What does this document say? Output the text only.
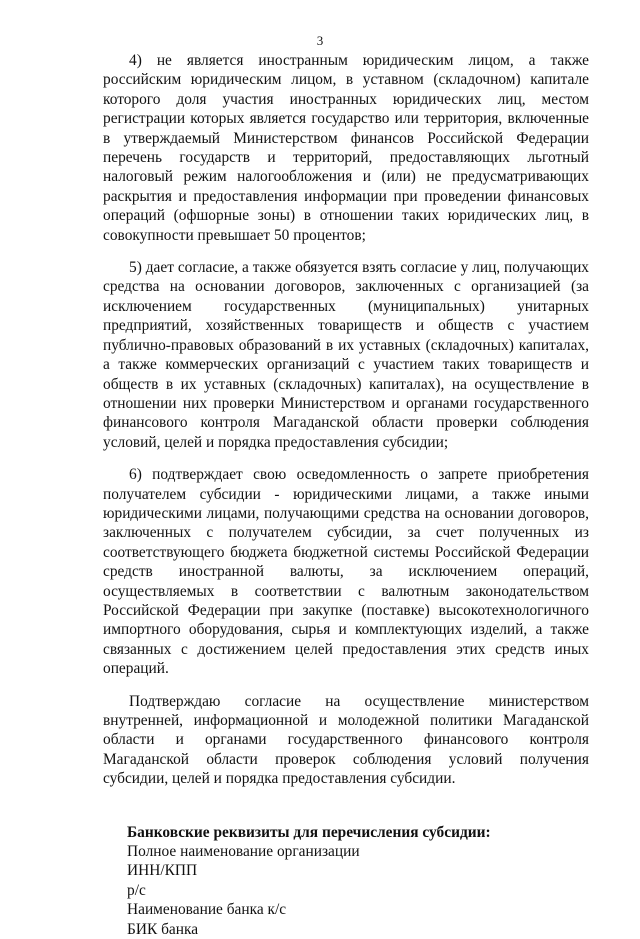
3

4) не является иностранным юридическим лицом, а также российским юридическим лицом, в уставном (складочном) капитале которого доля участия иностранных юридических лиц, местом регистрации которых является государство или территория, включенные в утверждаемый Министерством финансов Российской Федерации перечень государств и территорий, предоставляющих льготный налоговый режим налогообложения и (или) не предусматривающих раскрытия и предоставления информации при проведении финансовых операций (офшорные зоны) в отношении таких юридических лиц, в совокупности превышает 50 процентов;

5) дает согласие, а также обязуется взять согласие у лиц, получающих средства на основании договоров, заключенных с организацией (за исключением государственных (муниципальных) унитарных предприятий, хозяйственных товариществ и обществ с участием публично-правовых образований в их уставных (складочных) капиталах, а также коммерческих организаций с участием таких товариществ и обществ в их уставных (складочных) капиталах), на осуществление в отношении них проверки Министерством и органами государственного финансового контроля Магаданской области проверки соблюдения условий, целей и порядка предоставления субсидии;

6) подтверждает свою осведомленность о запрете приобретения получателем субсидии - юридическими лицами, а также иными юридическими лицами, получающими средства на основании договоров, заключенных с получателем субсидии, за счет полученных из соответствующего бюджета бюджетной системы Российской Федерации средств иностранной валюты, за исключением операций, осуществляемых в соответствии с валютным законодательством Российской Федерации при закупке (поставке) высокотехнологичного импортного оборудования, сырья и комплектующих изделий, а также связанных с достижением целей предоставления этих средств иных операций.

Подтверждаю согласие на осуществление министерством внутренней, информационной и молодежной политики Магаданской области и органами государственного финансового контроля Магаданской области проверок соблюдения условий получения субсидии, целей и порядка предоставления субсидии.

Банковские реквизиты для перечисления субсидии:

Полное наименование организации

ИНН/КПП

р/с

Наименование банка к/с

БИК банка
